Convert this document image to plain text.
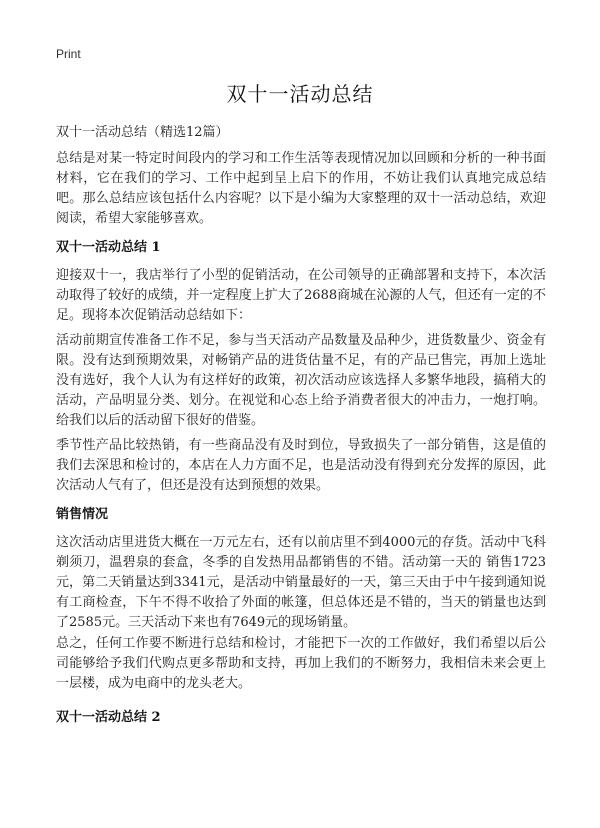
Print
双十一活动总结

双十一活动总结（精选12篇）

总结是对某一特定时间段内的学习和工作生活等表现情况加以回顾和分析的一种书面材料，它在我们的学习、工作中起到呈上启下的作用，不妨让我们认真地完成总结吧。那么总结应该包括什么内容呢？以下是小编为大家整理的双十一活动总结，欢迎阅读，希望大家能够喜欢。

双十一活动总结 1

迎接双十一，我店举行了小型的促销活动，在公司领导的正确部署和支持下，本次活动取得了较好的成绩，并一定程度上扩大了2688商城在沁源的人气，但还有一定的不足。现将本次促销活动总结如下：

活动前期宣传准备工作不足，参与当天活动产品数量及品种少，进货数量少、资金有限。没有达到预期效果，对畅销产品的进货估量不足，有的产品已售完，再加上选址没有选好，我个人认为有这样好的政策，初次活动应该选择人多繁华地段，搞稍大的活动，产品明显分类、划分。在视觉和心态上给予消费者很大的冲击力，一炮打响。给我们以后的活动留下很好的借鉴。

季节性产品比较热销，有一些商品没有及时到位，导致损失了一部分销售，这是值的我们去深思和检讨的，本店在人力方面不足，也是活动没有得到充分发挥的原因，此次活动人气有了，但还是没有达到预想的效果。

销售情况

这次活动店里进货大概在一万元左右，还有以前店里不到4000元的存货。活动中飞科剃须刀，温碧泉的套盒，冬季的自发热用品都销售的不错。活动第一天的 销售1723元，第二天销量达到3341元，是活动中销量最好的一天，第三天由于中午接到通知说有工商检查，下午不得不收拾了外面的帐篷，但总体还是不错的，当天的销量也达到了2585元。三天活动下来也有7649元的现场销量。

总之，任何工作要不断进行总结和检讨，才能把下一次的工作做好，我们希望以后公司能够给予我们代购点更多帮助和支持，再加上我们的不断努力，我相信未来会更上一层楼，成为电商中的龙头老大。

双十一活动总结 2
